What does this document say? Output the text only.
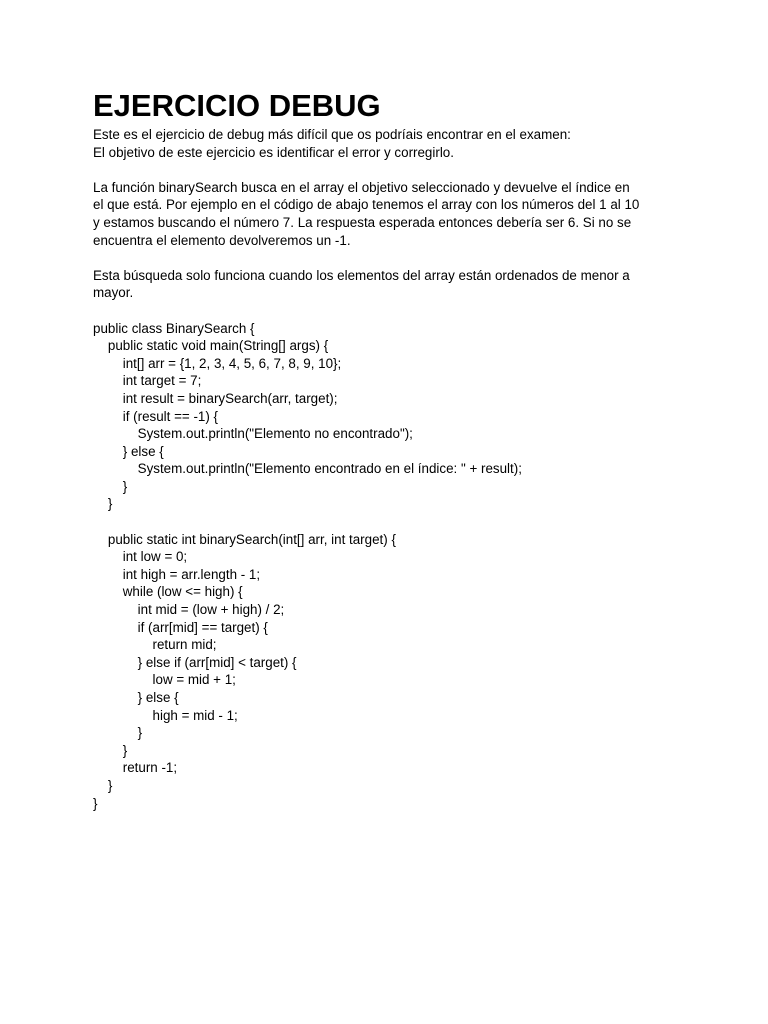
EJERCICIO DEBUG

Este es el ejercicio de debug más difícil que os podríais encontrar en el examen:

El objetivo de este ejercicio es identificar el error y corregirlo.

La función binarySearch busca en el array el objetivo seleccionado y devuelve el índice en

el que está. Por ejemplo en el código de abajo tenemos el array con los números del 1 al 10

y estamos buscando el número 7. La respuesta esperada entonces debería ser 6. Si no se

encuentra el elemento devolveremos un -1.

Esta búsqueda solo funciona cuando los elementos del array están ordenados de menor a

mayor.

public class BinarySearch {
public static void main(String[] args) {
int[] arr = {1, 2, 3, 4, 5, 6, 7, 8, 9, 10};
int target = 7;
int result = binarySearch(arr, target);
if (result == -1) {
System.out.println("Elemento no encontrado");
} else {
System.out.println("Elemento encontrado en el índice: " + result);
}
}
public static int binarySearch(int[] arr, int target) {
int low = 0;
int high = arr.length - 1;
while (low <= high) {
int mid = (low + high) / 2;
if (arr[mid] == target) {
return mid;
} else if (arr[mid] < target) {
low = mid + 1;
} else {
high = mid - 1;
}
}
return -1;
}
}
